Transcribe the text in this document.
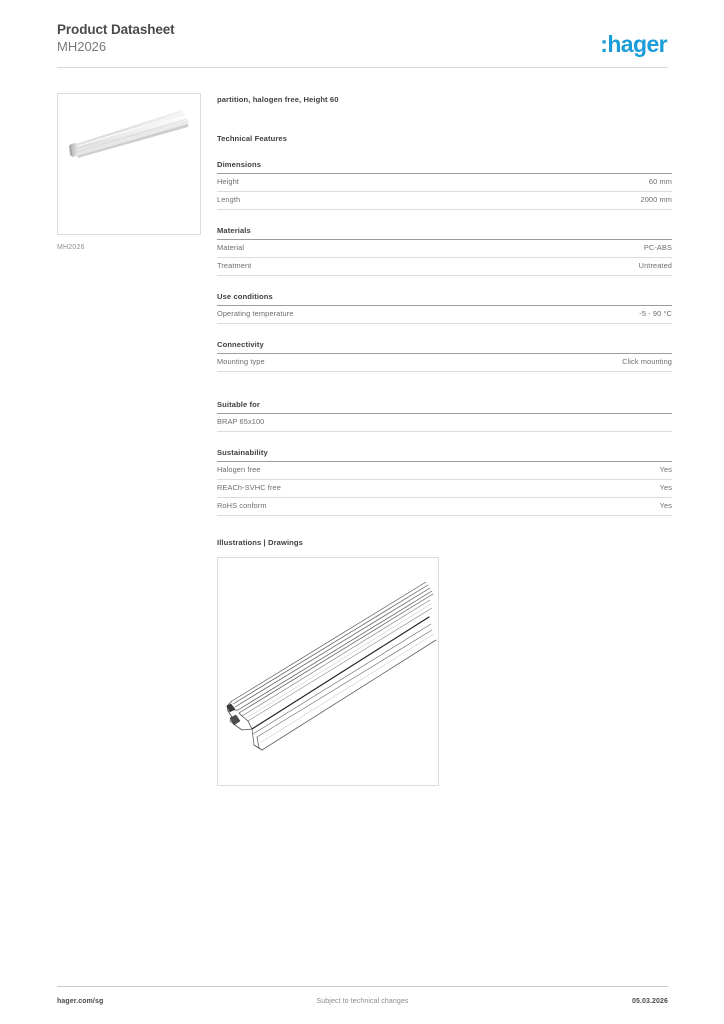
Product Datasheet
MH2026	:hager
MH2026
partition, halogen free, Height 60
Technical Features
Dimensions
Height	60 mm
Length	2000 mm
Materials
Material	PC-ABS
Treatment	Untreated
Use conditions
Operating temperature	-5 - 90 °C
Connectivity
Mounting type	Click mounting
Suitable for
BRAP 65x100
Sustainability
Halogen free	Yes
REACh-SVHC free	Yes
RoHS conform	Yes
Illustrations | Drawings
hager.com/sg	Subject to technical changes	05.03.2026
